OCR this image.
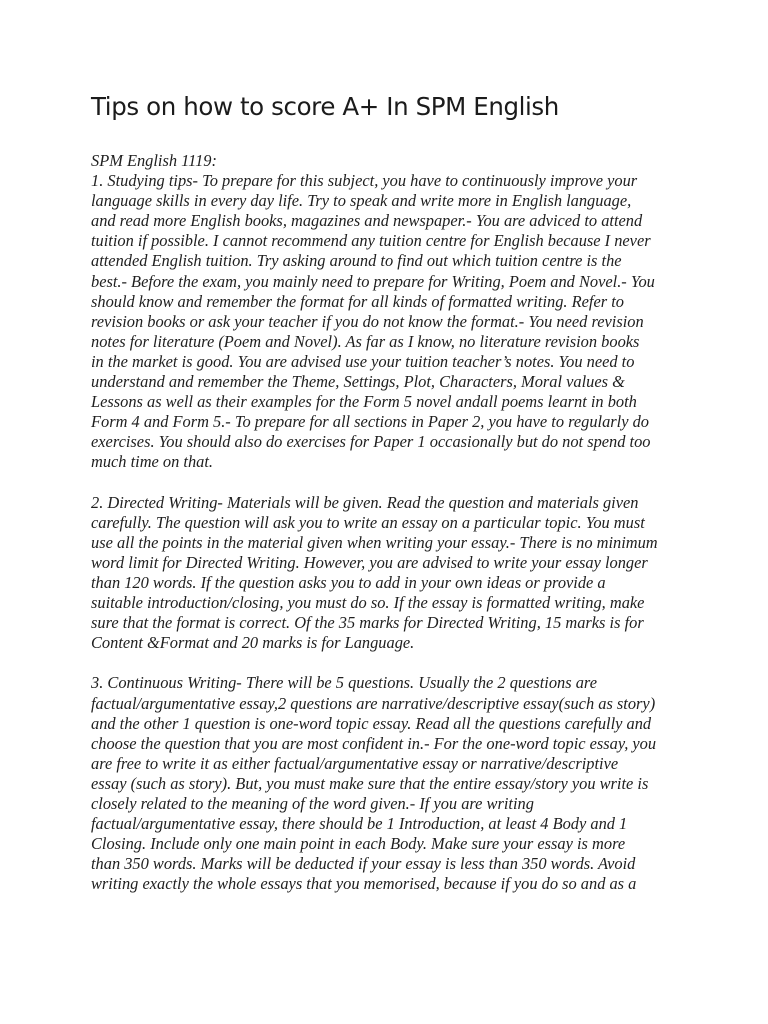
Tips on how to score A+ In SPM English
SPM English 1119:
1. Studying tips- To prepare for this subject, you have to continuously improve your
language skills in every day life. Try to speak and write more in English language,
and read more English books, magazines and newspaper.- You are adviced to attend
tuition if possible. I cannot recommend any tuition centre for English because I never
attended English tuition. Try asking around to find out which tuition centre is the
best.- Before the exam, you mainly need to prepare for Writing, Poem and Novel.- You
should know and remember the format for all kinds of formatted writing. Refer to
revision books or ask your teacher if you do not know the format.- You need revision
notes for literature (Poem and Novel). As far as I know, no literature revision books
in the market is good. You are advised use your tuition teacher’s notes. You need to
understand and remember the Theme, Settings, Plot, Characters, Moral values &
Lessons as well as their examples for the Form 5 novel andall poems learnt in both
Form 4 and Form 5.- To prepare for all sections in Paper 2, you have to regularly do
exercises. You should also do exercises for Paper 1 occasionally but do not spend too
much time on that.
2. Directed Writing- Materials will be given. Read the question and materials given
carefully. The question will ask you to write an essay on a particular topic. You must
use all the points in the material given when writing your essay.- There is no minimum
word limit for Directed Writing. However, you are advised to write your essay longer
than 120 words. If the question asks you to add in your own ideas or provide a
suitable introduction/closing, you must do so. If the essay is formatted writing, make
sure that the format is correct. Of the 35 marks for Directed Writing, 15 marks is for
Content &Format and 20 marks is for Language.
3. Continuous Writing- There will be 5 questions. Usually the 2 questions are
factual/argumentative essay,2 questions are narrative/descriptive essay(such as story)
and the other 1 question is one-word topic essay. Read all the questions carefully and
choose the question that you are most confident in.- For the one-word topic essay, you
are free to write it as either factual/argumentative essay or narrative/descriptive
essay (such as story). But, you must make sure that the entire essay/story you write is
closely related to the meaning of the word given.- If you are writing
factual/argumentative essay, there should be 1 Introduction, at least 4 Body and 1
Closing. Include only one main point in each Body. Make sure your essay is more
than 350 words. Marks will be deducted if your essay is less than 350 words. Avoid
writing exactly the whole essays that you memorised, because if you do so and as a
